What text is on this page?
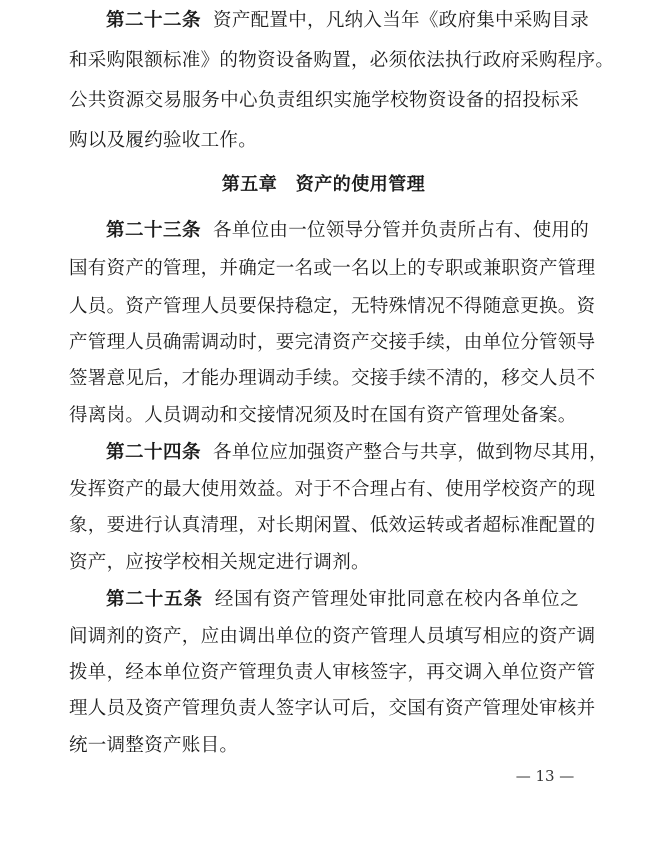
第二十二条 资产配置中，凡纳入当年《政府集中采购目录
和采购限额标准》的物资设备购置，必须依法执行政府采购程序。
公共资源交易服务中心负责组织实施学校物资设备的招投标采
购以及履约验收工作。
第五章　资产的使用管理
第二十三条 各单位由一位领导分管并负责所占有、使用的
国有资产的管理，并确定一名或一名以上的专职或兼职资产管理
人员。资产管理人员要保持稳定，无特殊情况不得随意更换。资
产管理人员确需调动时，要完清资产交接手续，由单位分管领导
签署意见后，才能办理调动手续。交接手续不清的，移交人员不
得离岗。人员调动和交接情况须及时在国有资产管理处备案。
第二十四条 各单位应加强资产整合与共享，做到物尽其用，
发挥资产的最大使用效益。对于不合理占有、使用学校资产的现
象，要进行认真清理，对长期闲置、低效运转或者超标准配置的
资产，应按学校相关规定进行调剂。
第二十五条 经国有资产管理处审批同意在校内各单位之
间调剂的资产，应由调出单位的资产管理人员填写相应的资产调
拨单，经本单位资产管理负责人审核签字，再交调入单位资产管
理人员及资产管理负责人签字认可后，交国有资产管理处审核并
统一调整资产账目。
— 13 —
